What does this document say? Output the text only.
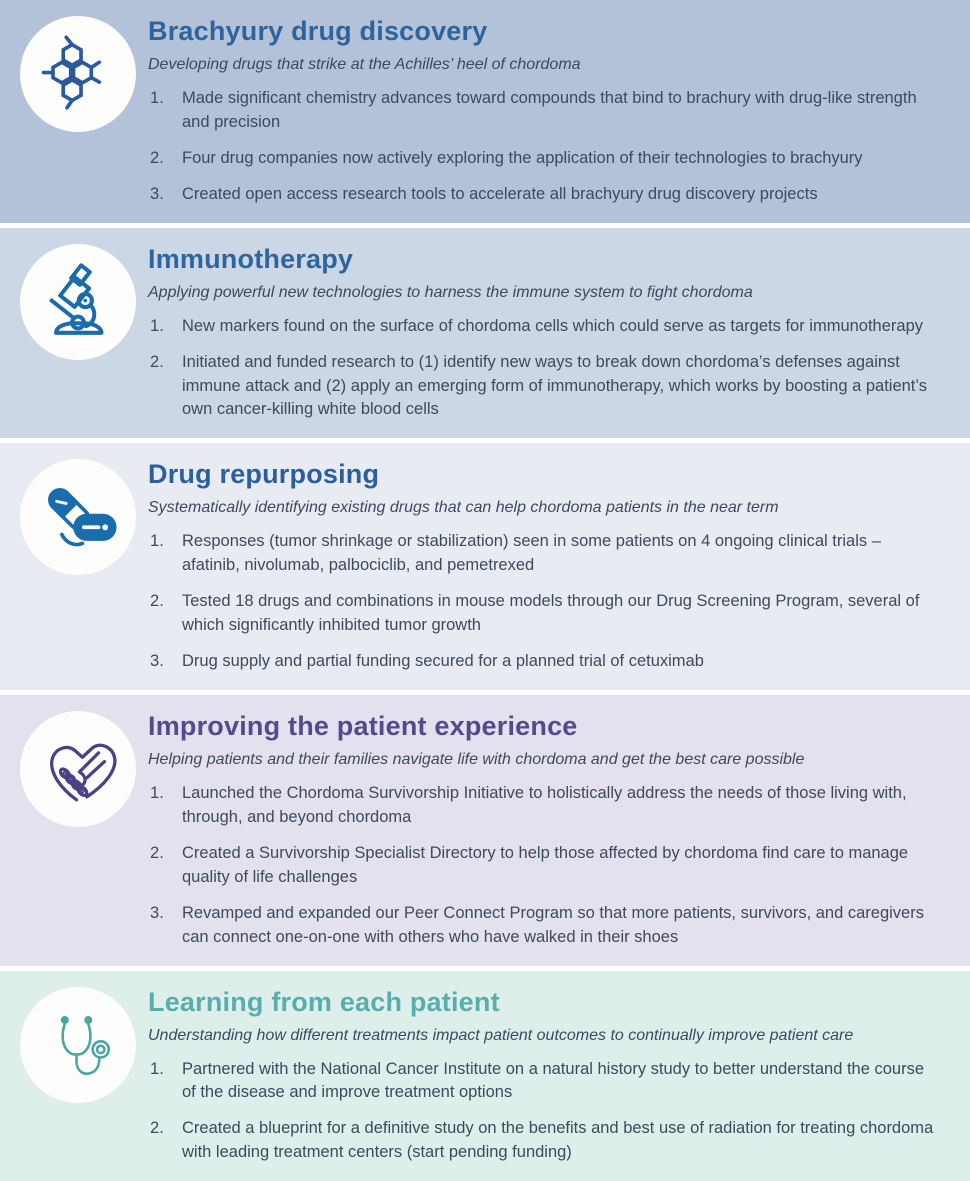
Brachyury drug discovery

Developing drugs that strike at the Achilles’ heel of chordoma

Made significant chemistry advances toward compounds that bind to brachury with drug-like strength and precision
Four drug companies now actively exploring the application of their technologies to brachyury
Created open access research tools to accelerate all brachyury drug discovery projects
Immunotherapy

Applying powerful new technologies to harness the immune system to fight chordoma

New markers found on the surface of chordoma cells which could serve as targets for immunotherapy
Initiated and funded research to (1) identify new ways to break down chordoma’s defenses against immune attack and (2) apply an emerging form of immunotherapy, which works by boosting a patient’s own cancer-killing white blood cells
Drug repurposing

Systematically identifying existing drugs that can help chordoma patients in the near term

Responses (tumor shrinkage or stabilization) seen in some patients on 4 ongoing clinical trials – afatinib, nivolumab, palbociclib, and pemetrexed
Tested 18 drugs and combinations in mouse models through our Drug Screening Program, several of which significantly inhibited tumor growth
Drug supply and partial funding secured for a planned trial of cetuximab
Improving the patient experience

Helping patients and their families navigate life with chordoma and get the best care possible

Launched the Chordoma Survivorship Initiative to holistically address the needs of those living with, through, and beyond chordoma
Created a Survivorship Specialist Directory to help those affected by chordoma find care to manage quality of life challenges
Revamped and expanded our Peer Connect Program so that more patients, survivors, and caregivers can connect one-on-one with others who have walked in their shoes
Learning from each patient

Understanding how different treatments impact patient outcomes to continually improve patient care

Partnered with the National Cancer Institute on a natural history study to better understand the course of the disease and improve treatment options
Created a blueprint for a definitive study on the benefits and best use of radiation for treating chordoma with leading treatment centers (start pending funding)
